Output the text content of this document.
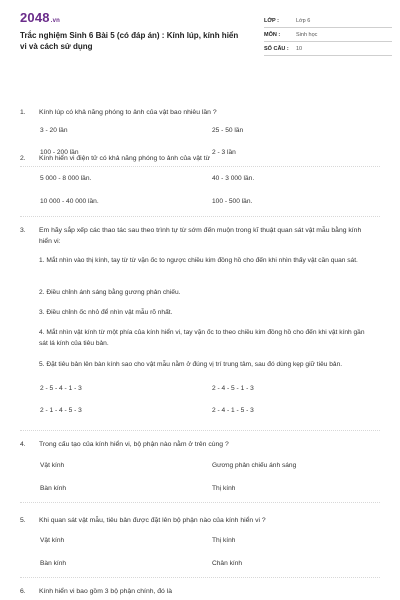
2048.vn
Trắc nghiệm Sinh 6 Bài 5 (có đáp án) : Kính lúp, kính hiển vi và cách sử dụng
LỚP :	Lớp 6
MÔN :	Sinh học
SỐ CÂU :	10
1.	Kính lúp có khả năng phóng to ảnh của vật bao nhiêu lần ?
3 - 20 lần	25 - 50 lần
100 - 200 lần	2 - 3 lần
2.	Kính hiển vi điện tử có khả năng phóng to ảnh của vật từ
5 000 - 8 000 lần.	40 - 3 000 lần.
10 000 - 40 000 lần.	100 - 500 lần.
3.	Em hãy sắp xếp các thao tác sau theo trình tự từ sớm đến muộn trong kĩ thuật quan sát vật mẫu bằng kính hiển vi:
1. Mắt nhìn vào thị kính, tay từ từ vặn ốc to ngược chiều kim đồng hồ cho đến khi nhìn thấy vật cần quan sát.
2. Điều chỉnh ánh sáng bằng gương phản chiếu.
3. Điều chỉnh ốc nhỏ để nhìn vật mẫu rõ nhất.
4. Mắt nhìn vật kính từ một phía của kính hiển vi, tay vặn ốc to theo chiều kim đồng hồ cho đến khi vật kính gần sát lá kính của tiêu bản.
5. Đặt tiêu bản lên bàn kính sao cho vật mẫu nằm ở đúng vị trí trung tâm, sau đó dùng kẹp giữ tiêu bản.
2 - 5 - 4 - 1 - 3	2 - 4 - 5 - 1 - 3
2 - 1 - 4 - 5 - 3	2 - 4 - 1 - 5 - 3
4.	Trong cấu tạo của kính hiển vi, bộ phận nào nằm ở trên cùng ?
Vật kính	Gương phản chiếu ánh sáng
Bàn kính	Thị kính
5.	Khi quan sát vật mẫu, tiêu bản được đặt lên bộ phận nào của kính hiển vi ?
Vật kính	Thị kính
Bàn kính	Chân kính
6.	Kính hiển vi bao gồm 3 bộ phận chính, đó là
